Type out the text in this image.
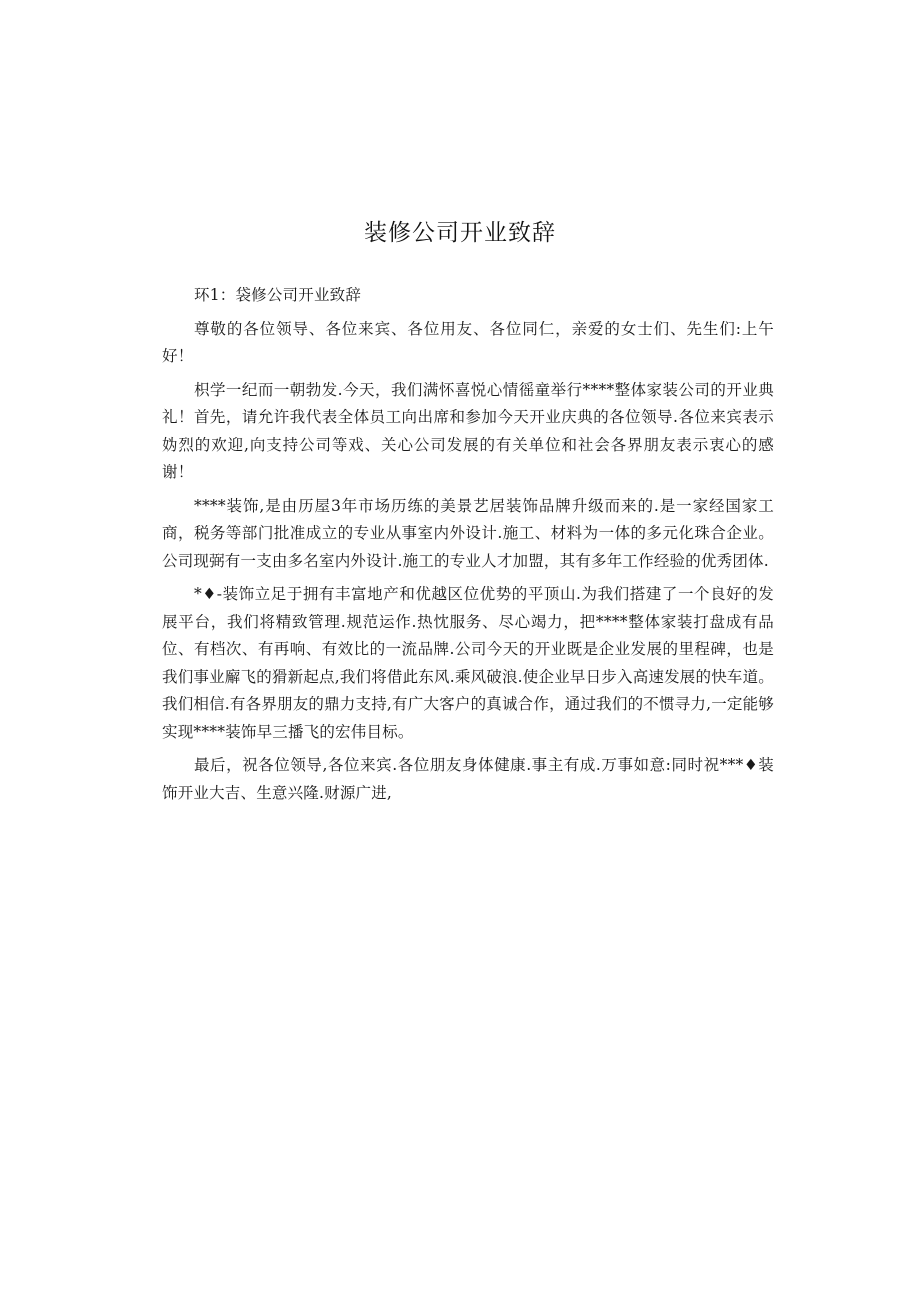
装修公司开业致辞

环1：袋修公司开业致辞

尊敬的各位领导、各位来宾、各位用友、各位同仁，亲爱的女士们、先生们:上午好！

枳学一纪而一朝勃发.今天，我们满怀喜悦心情徭童举行****整体家装公司的开业典礼！首先，请允许我代表全体员工向出席和参加今天开业庆典的各位领导.各位来宾表示妫烈的欢迎,向支持公司等戏、关心公司发展的有关单位和社会各界朋友表示衷心的感谢！

****装饰,是由历屋3年市场历练的美景艺居装饰品牌升级而来的.是一家经国家工商，税务等部门批准成立的专业从事室内外设计.施工、材料为一体的多元化珠合企业。公司现弼有一支由多名室内外设计.施工的专业人才加盟，其有多年工作经验的优秀团体.

*♦-装饰立足于拥有丰富地产和优越区位优势的平顶山.为我们搭建了一个良好的发展平台，我们将精致管理.规范运作.热忱服务、尽心竭力，把****整体家装打盘成有品位、有档次、有再响、有效比的一流品牌.公司今天的开业既是企业发展的里程碑，也是我们事业廨飞的猾新起点,我们将借此东风.乘风破浪.使企业早日步入高速发展的快车道。我们相信.有各界朋友的鼎力支持,有广大客户的真诚合作，通过我们的不惯寻力,一定能够实现****装饰早三播飞的宏伟目标。

最后，祝各位领导,各位来宾.各位朋友身体健康.事主有成.万事如意:同时祝***♦装饰开业大吉、生意兴隆.财源广进,
